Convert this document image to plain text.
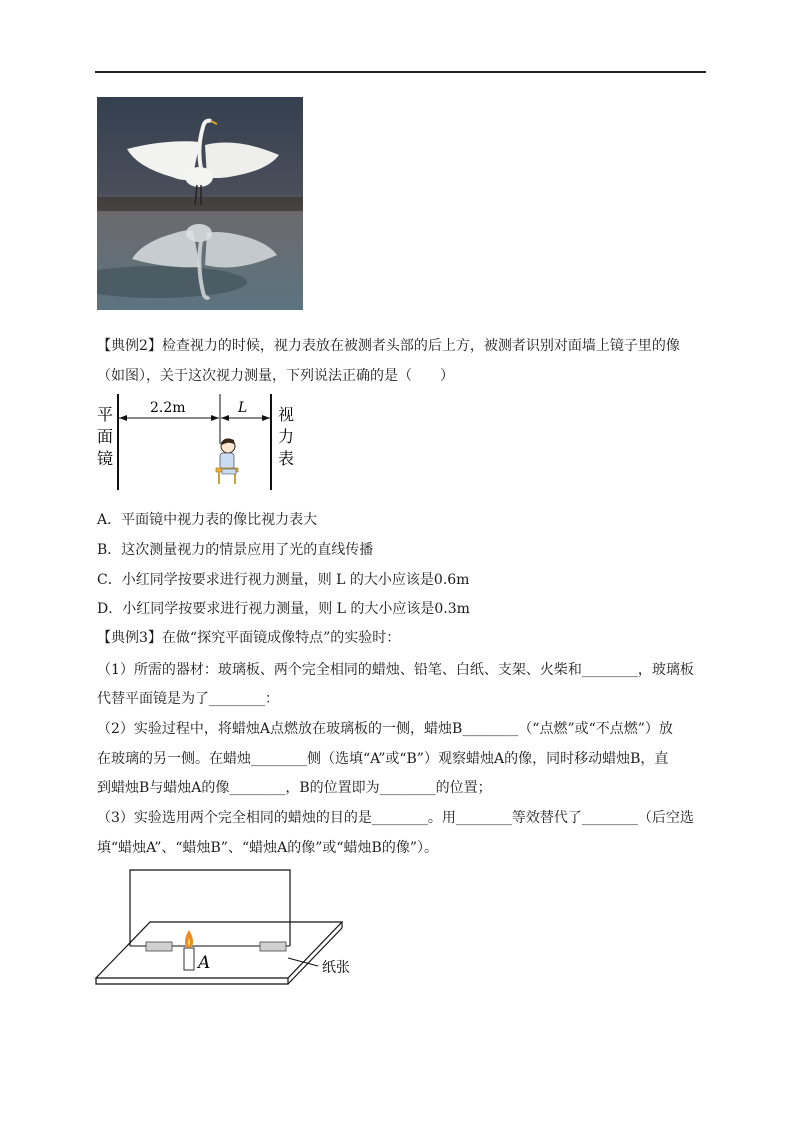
【典例2】检查视力的时候，视力表放在被测者头部的后上方，被测者识别对面墙上镜子里的像
（如图），关于这次视力测量，下列说法正确的是（　　）
平
面
镜
视
力
表
2.2m	L
A．平面镜中视力表的像比视力表大
B．这次测量视力的情景应用了光的直线传播
C．小红同学按要求进行视力测量，则 L 的大小应该是0.6m
D．小红同学按要求进行视力测量，则 L 的大小应该是0.3m
【典例3】在做“探究平面镜成像特点”的实验时：
（1）所需的器材：玻璃板、两个完全相同的蜡烛、铅笔、白纸、支架、火柴和________，玻璃板
代替平面镜是为了________：
（2）实验过程中，将蜡烛A点燃放在玻璃板的一侧，蜡烛B________（“点燃”或“不点燃”）放
在玻璃的另一侧。在蜡烛________侧（选填“A”或“B”）观察蜡烛A的像，同时移动蜡烛B，直
到蜡烛B与蜡烛A的像________，B的位置即为________的位置；
（3）实验选用两个完全相同的蜡烛的目的是________。用________等效替代了________（后空选
填“蜡烛A”、“蜡烛B”、“蜡烛A的像”或“蜡烛B的像”）。
A	纸张
